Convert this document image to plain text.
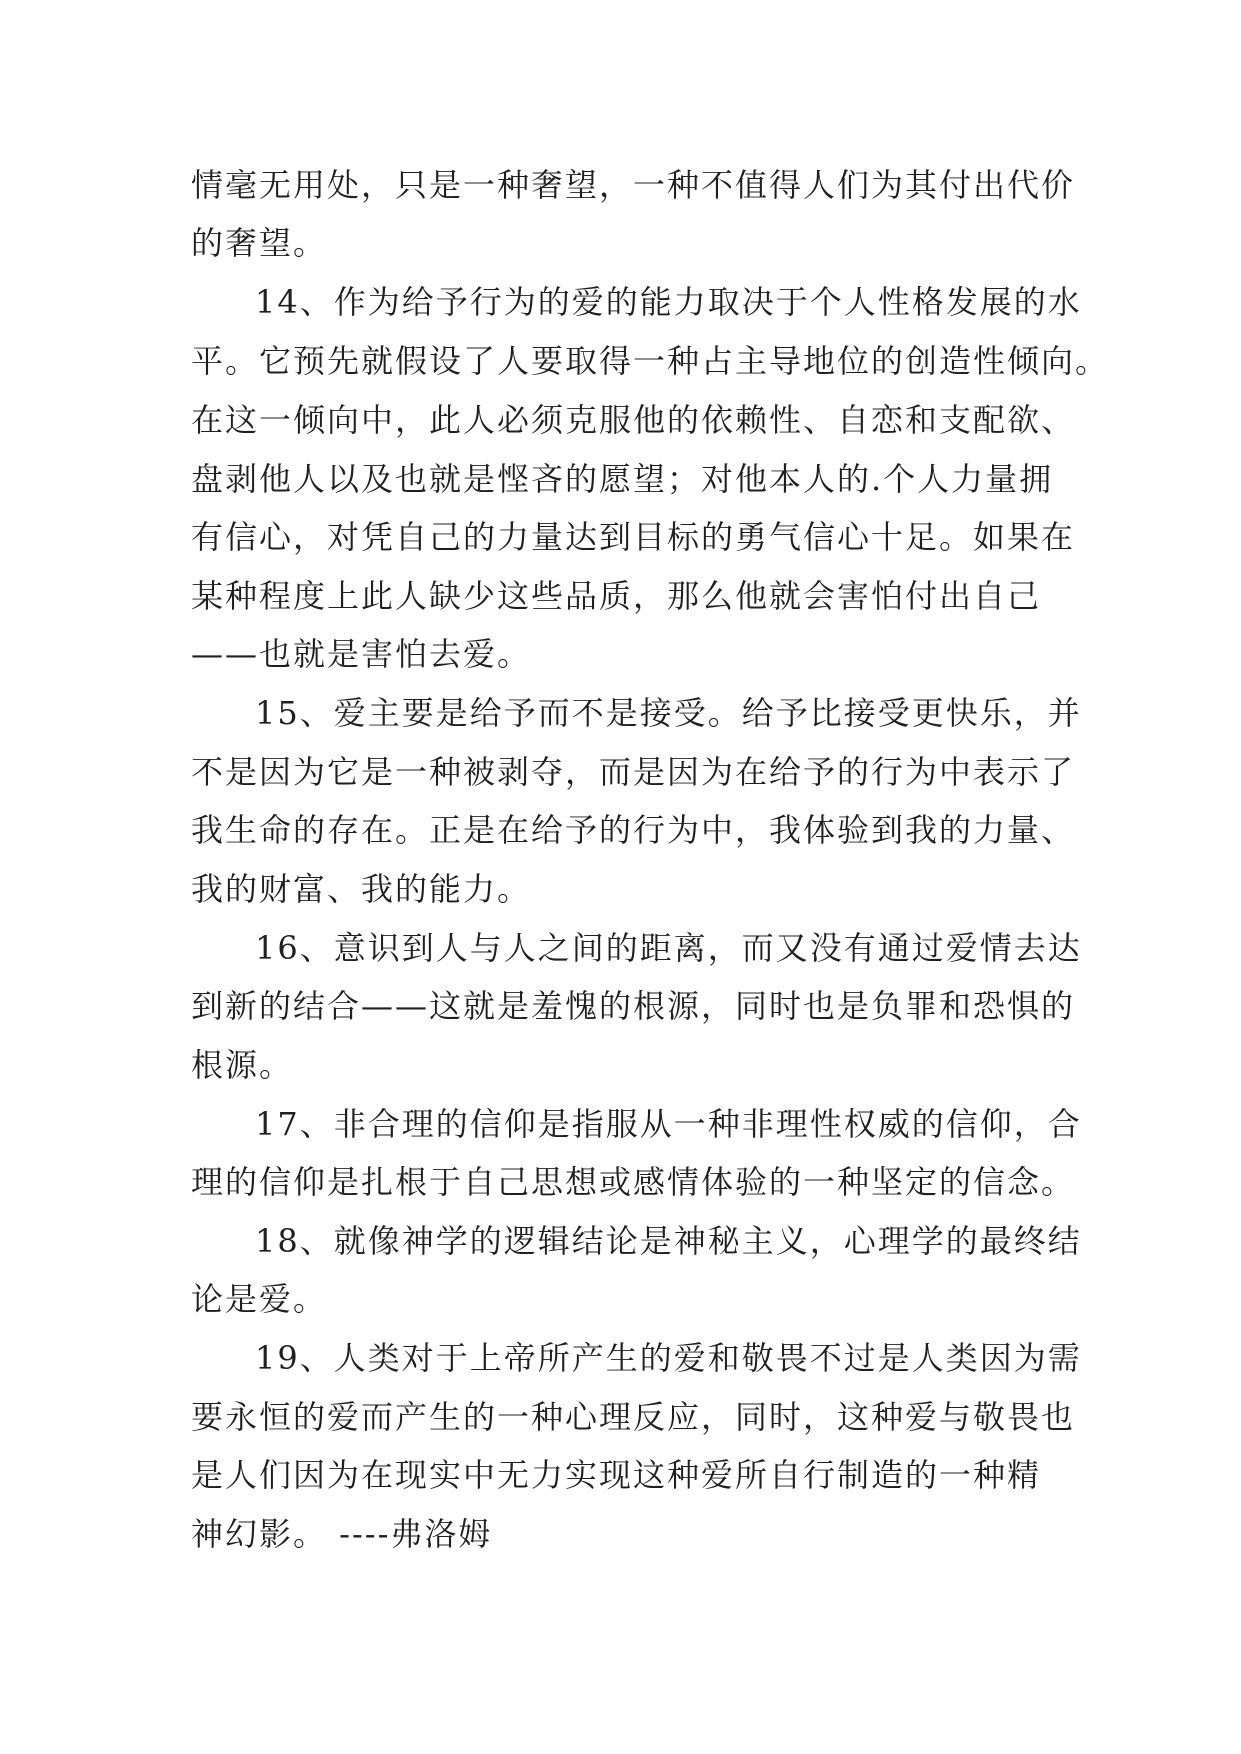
情毫无用处，只是一种奢望，一种不值得人们为其付出代价
的奢望。
14、作为给予行为的爱的能力取决于个人性格发展的水
平。它预先就假设了人要取得一种占主导地位的创造性倾向。
在这一倾向中，此人必须克服他的依赖性、自恋和支配欲、
盘剥他人以及也就是悭吝的愿望；对他本人的.个人力量拥
有信心，对凭自己的力量达到目标的勇气信心十足。如果在
某种程度上此人缺少这些品质，那么他就会害怕付出自己
——也就是害怕去爱。
15、爱主要是给予而不是接受。给予比接受更快乐，并
不是因为它是一种被剥夺，而是因为在给予的行为中表示了
我生命的存在。正是在给予的行为中，我体验到我的力量、
我的财富、我的能力。
16、意识到人与人之间的距离，而又没有通过爱情去达
到新的结合——这就是羞愧的根源，同时也是负罪和恐惧的
根源。
17、非合理的信仰是指服从一种非理性权威的信仰，合
理的信仰是扎根于自己思想或感情体验的一种坚定的信念。
18、就像神学的逻辑结论是神秘主义，心理学的最终结
论是爱。
19、人类对于上帝所产生的爱和敬畏不过是人类因为需
要永恒的爱而产生的一种心理反应，同时，这种爱与敬畏也
是人们因为在现实中无力实现这种爱所自行制造的一种精
神幻影。 ----弗洛姆
